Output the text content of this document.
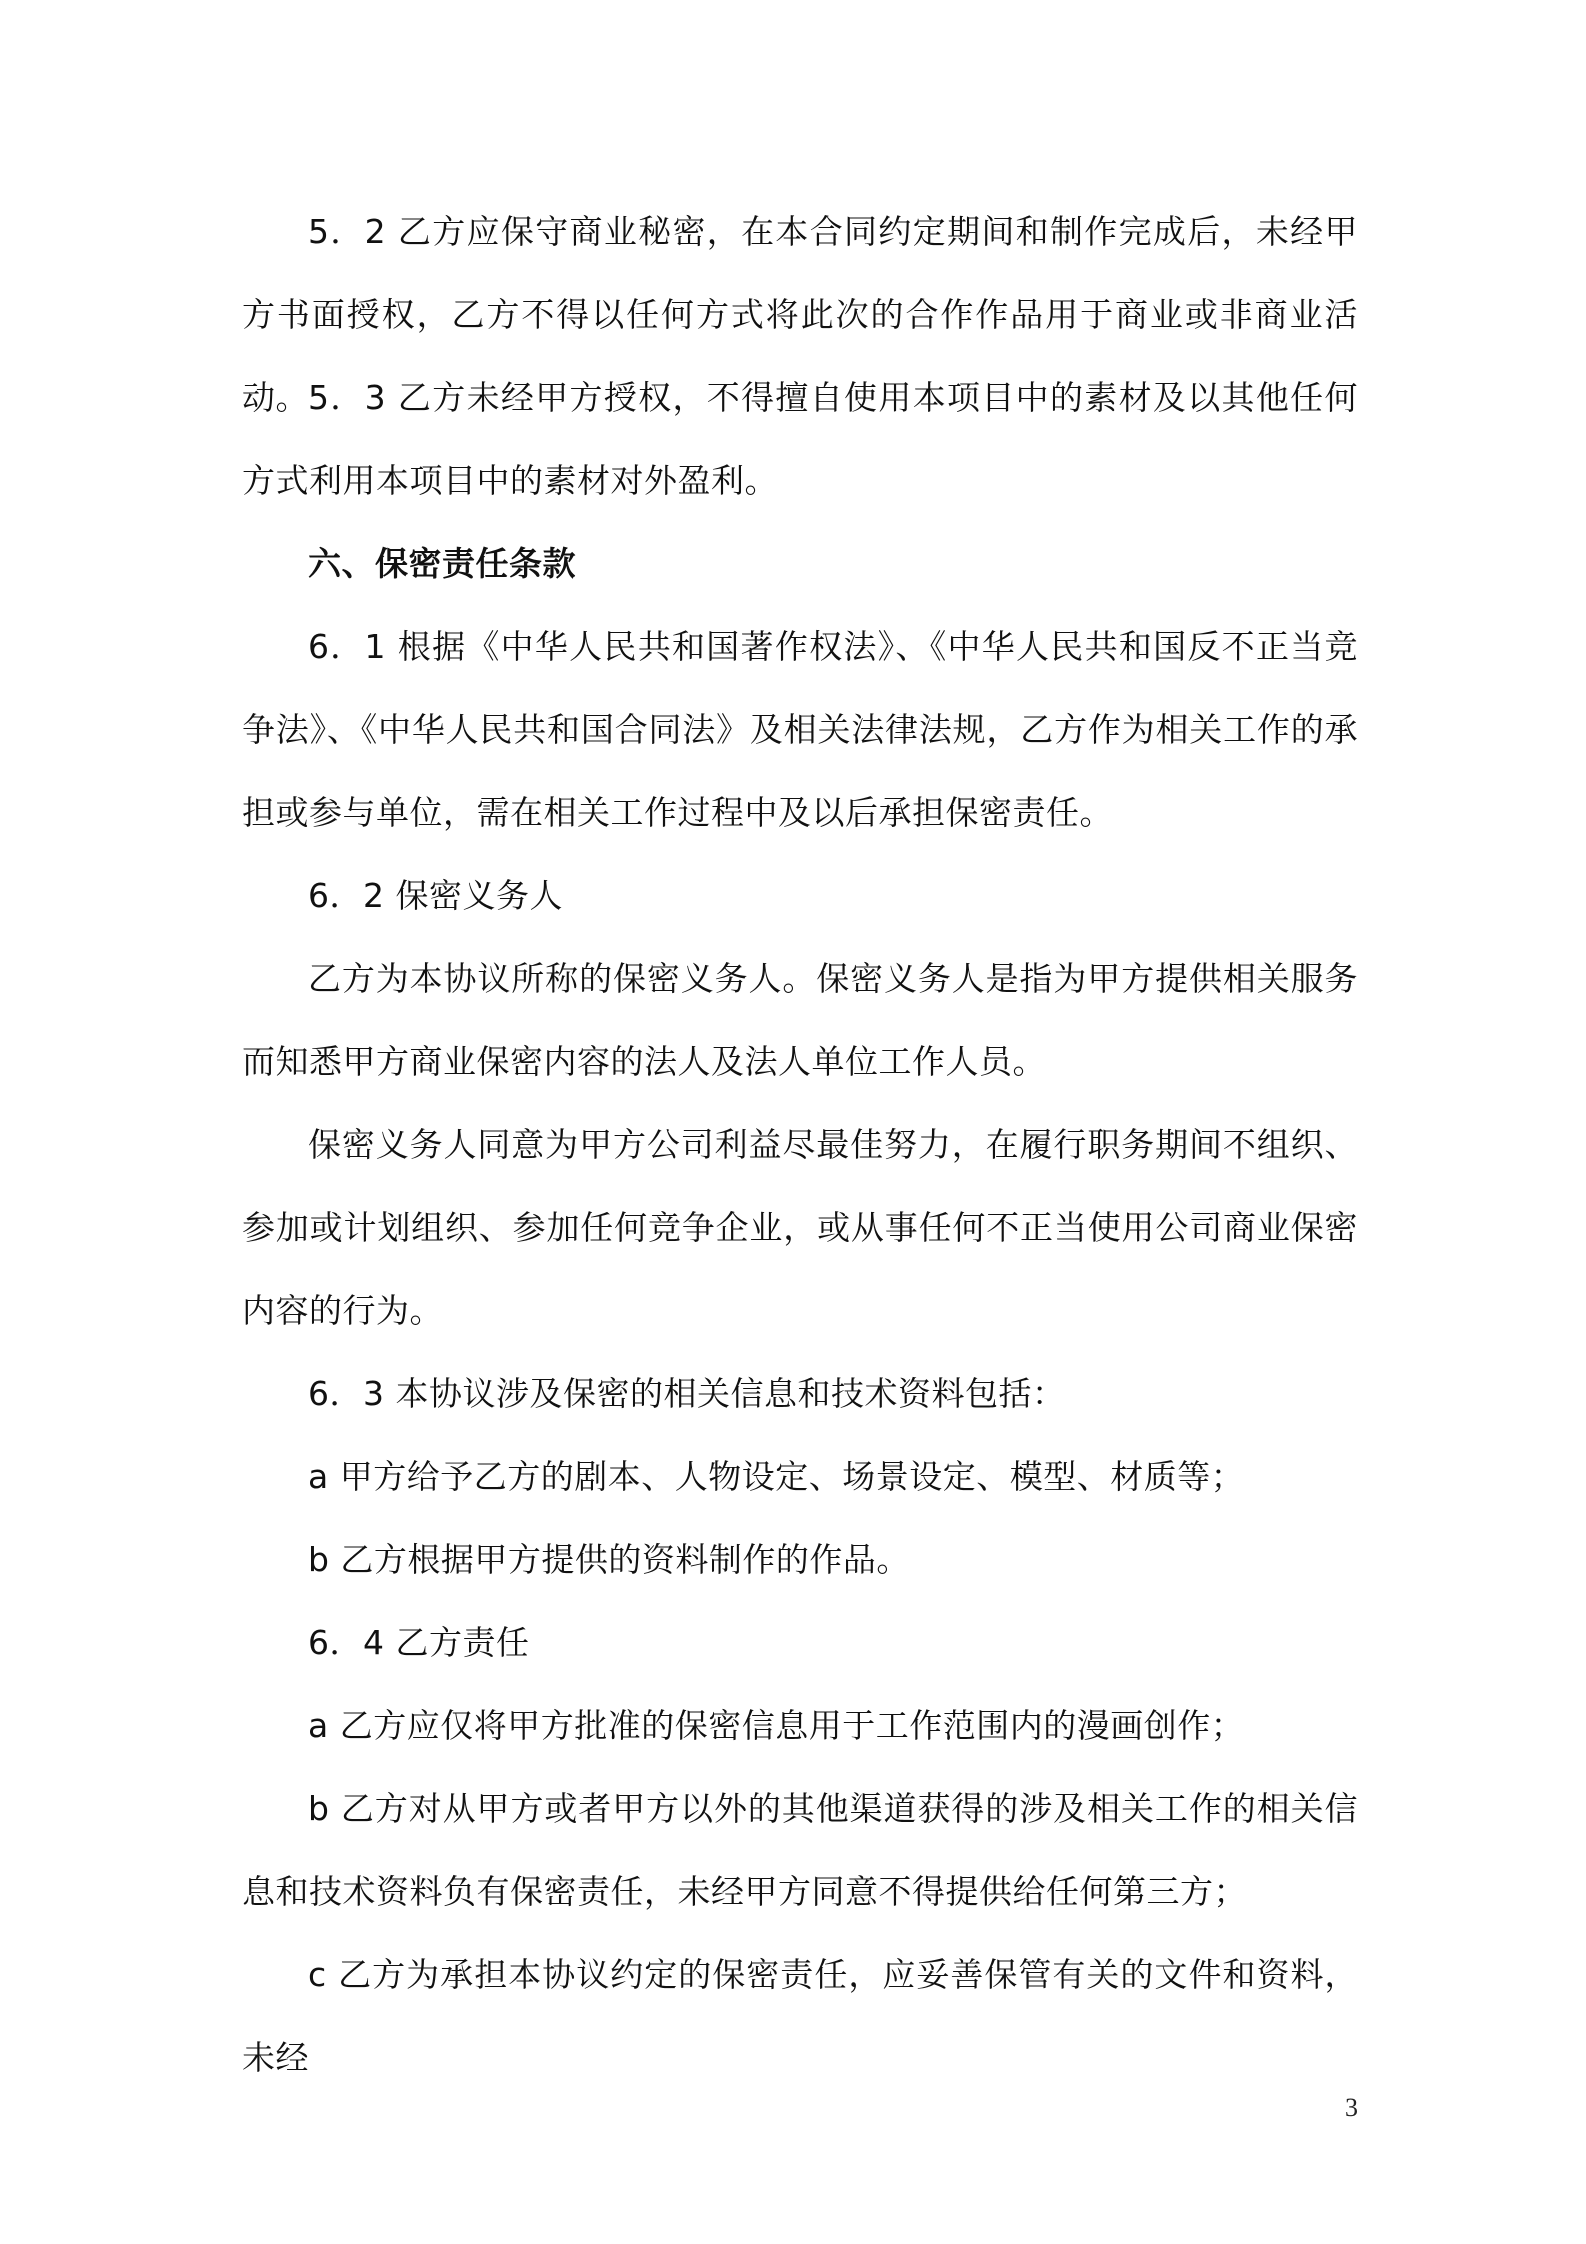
5．2 乙方应保守商业秘密，在本合同约定期间和制作完成后，未经甲方书面授权，乙方不得以任何方式将此次的合作作品用于商业或非商业活动。 5．3 乙方未经甲方授权，不得擅自使用本项目中的素材及以其他任何方式利用本项目中的素材对外盈利。

六、保密责任条款

6．1 根据《中华人民共和国著作权法》、《中华人民共和国反不正当竞争法》、《中华人民共和国合同法》及相关法律法规，乙方作为相关工作的承担或参与单位，需在相关工作过程中及以后承担保密责任。

6．2 保密义务人

乙方为本协议所称的保密义务人。保密义务人是指为甲方提供相关服务而知悉甲方商业保密内容的法人及法人单位工作人员。

保密义务人同意为甲方公司利益尽最佳努力，在履行职务期间不组织、参加或计划组织、参加任何竞争企业，或从事任何不正当使用公司商业保密内容的行为。

6．3 本协议涉及保密的相关信息和技术资料包括：

a 甲方给予乙方的剧本、人物设定、场景设定、模型、材质等；

b 乙方根据甲方提供的资料制作的作品。

6．4 乙方责任

a 乙方应仅将甲方批准的保密信息用于工作范围内的漫画创作；

b 乙方对从甲方或者甲方以外的其他渠道获得的涉及相关工作的相关信息和技术资料负有保密责任，未经甲方同意不得提供给任何第三方；

c 乙方为承担本协议约定的保密责任，应妥善保管有关的文件和资料，未经

3
